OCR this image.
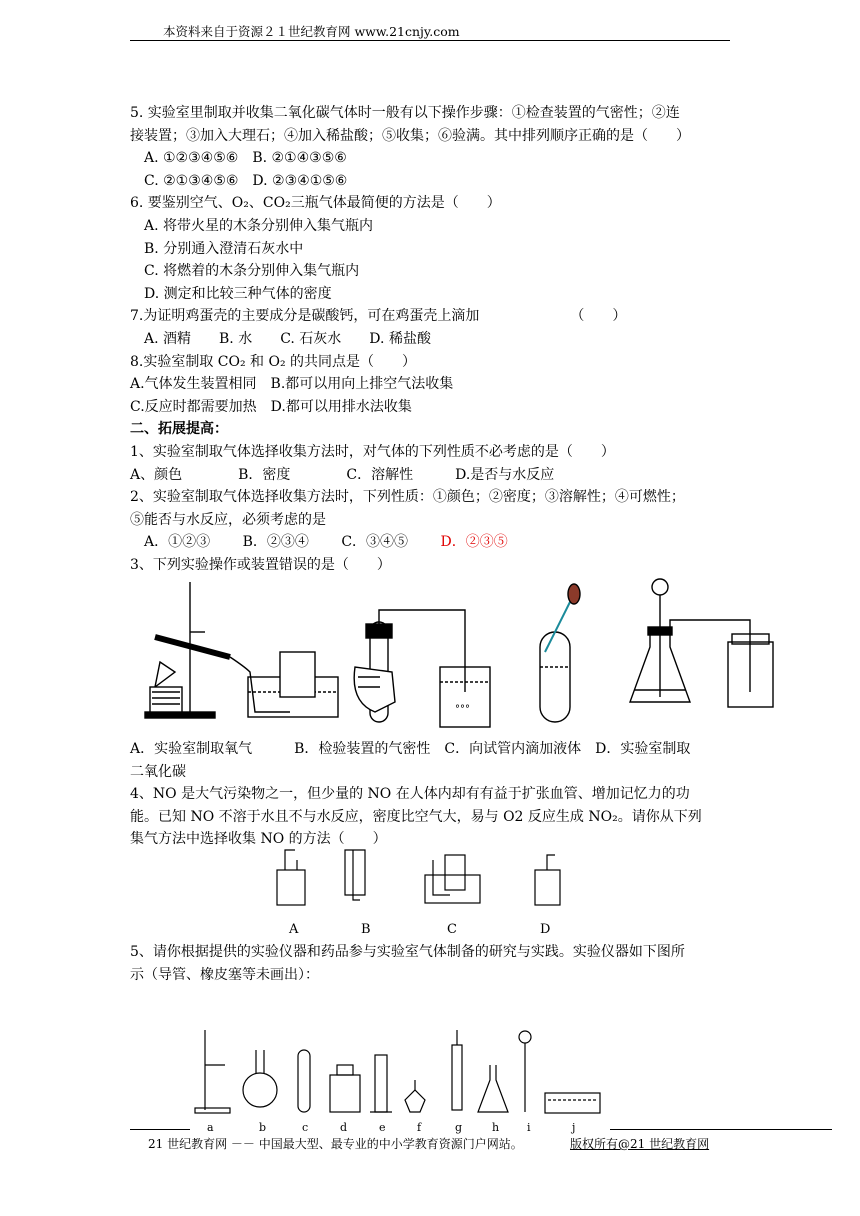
本资料来自于资源２１世纪教育网 www.21cnjy.com
5. 实验室里制取并收集二氧化碳气体时一般有以下操作步骤：①检查装置的气密性；②连
接装置；③加入大理石；④加入稀盐酸；⑤收集；⑥验满。其中排列顺序正确的是（　　）
A. ①②③④⑤⑥　B. ②①④③⑤⑥
C. ②①③④⑤⑥　D. ②③④①⑤⑥
6. 要鉴别空气、O₂、CO₂三瓶气体最简便的方法是（　　）
A. 将带火星的木条分别伸入集气瓶内
B. 分别通入澄清石灰水中
C. 将燃着的木条分别伸入集气瓶内
D. 测定和比较三种气体的密度
7.为证明鸡蛋壳的主要成分是碳酸钙，可在鸡蛋壳上滴加　　　　　　　（　　）
A. 酒精　　B. 水　　C. 石灰水　　D. 稀盐酸
8.实验室制取 CO₂ 和 O₂ 的共同点是（　　）
A.气体发生装置相同　B.都可以用向上排空气法收集
C.反应时都需要加热　D.都可以用排水法收集
二、拓展提高：
1、实验室制取气体选择收集方法时，对气体的下列性质不必考虑的是（　　）
A、颜色　　　　B．密度　　　　C．溶解性　　　D.是否与水反应
2、实验室制取气体选择收集方法时，下列性质：①颜色；②密度；③溶解性；④可燃性；
⑤能否与水反应，必须考虑的是
A．①②③　　 B．②③④　　 C．③④⑤　　 D．②③⑤
3、下列实验操作或装置错误的是（　　）
°°°
A．实验室制取氧气　　　B．检验装置的气密性　C．向试管内滴加液体　D．实验室制取
二氧化碳
4、NO 是大气污染物之一，但少量的 NO 在人体内却有有益于扩张血管、增加记忆力的功
能。已知 NO 不溶于水且不与水反应，密度比空气大，易与 O2 反应生成 NO₂。请你从下列
集气方法中选择收集 NO 的方法（　　）
A	B	C	D
5、请你根据提供的实验仪器和药品参与实验室气体制备的研究与实践。实验仪器如下图所
示（导管、橡皮塞等未画出）：
a	b	c	d	e	f	g	h	i	j
21 世纪教育网 －－ 中国最大型、最专业的中小学教育资源门户网站。	版权所有@21 世纪教育网
